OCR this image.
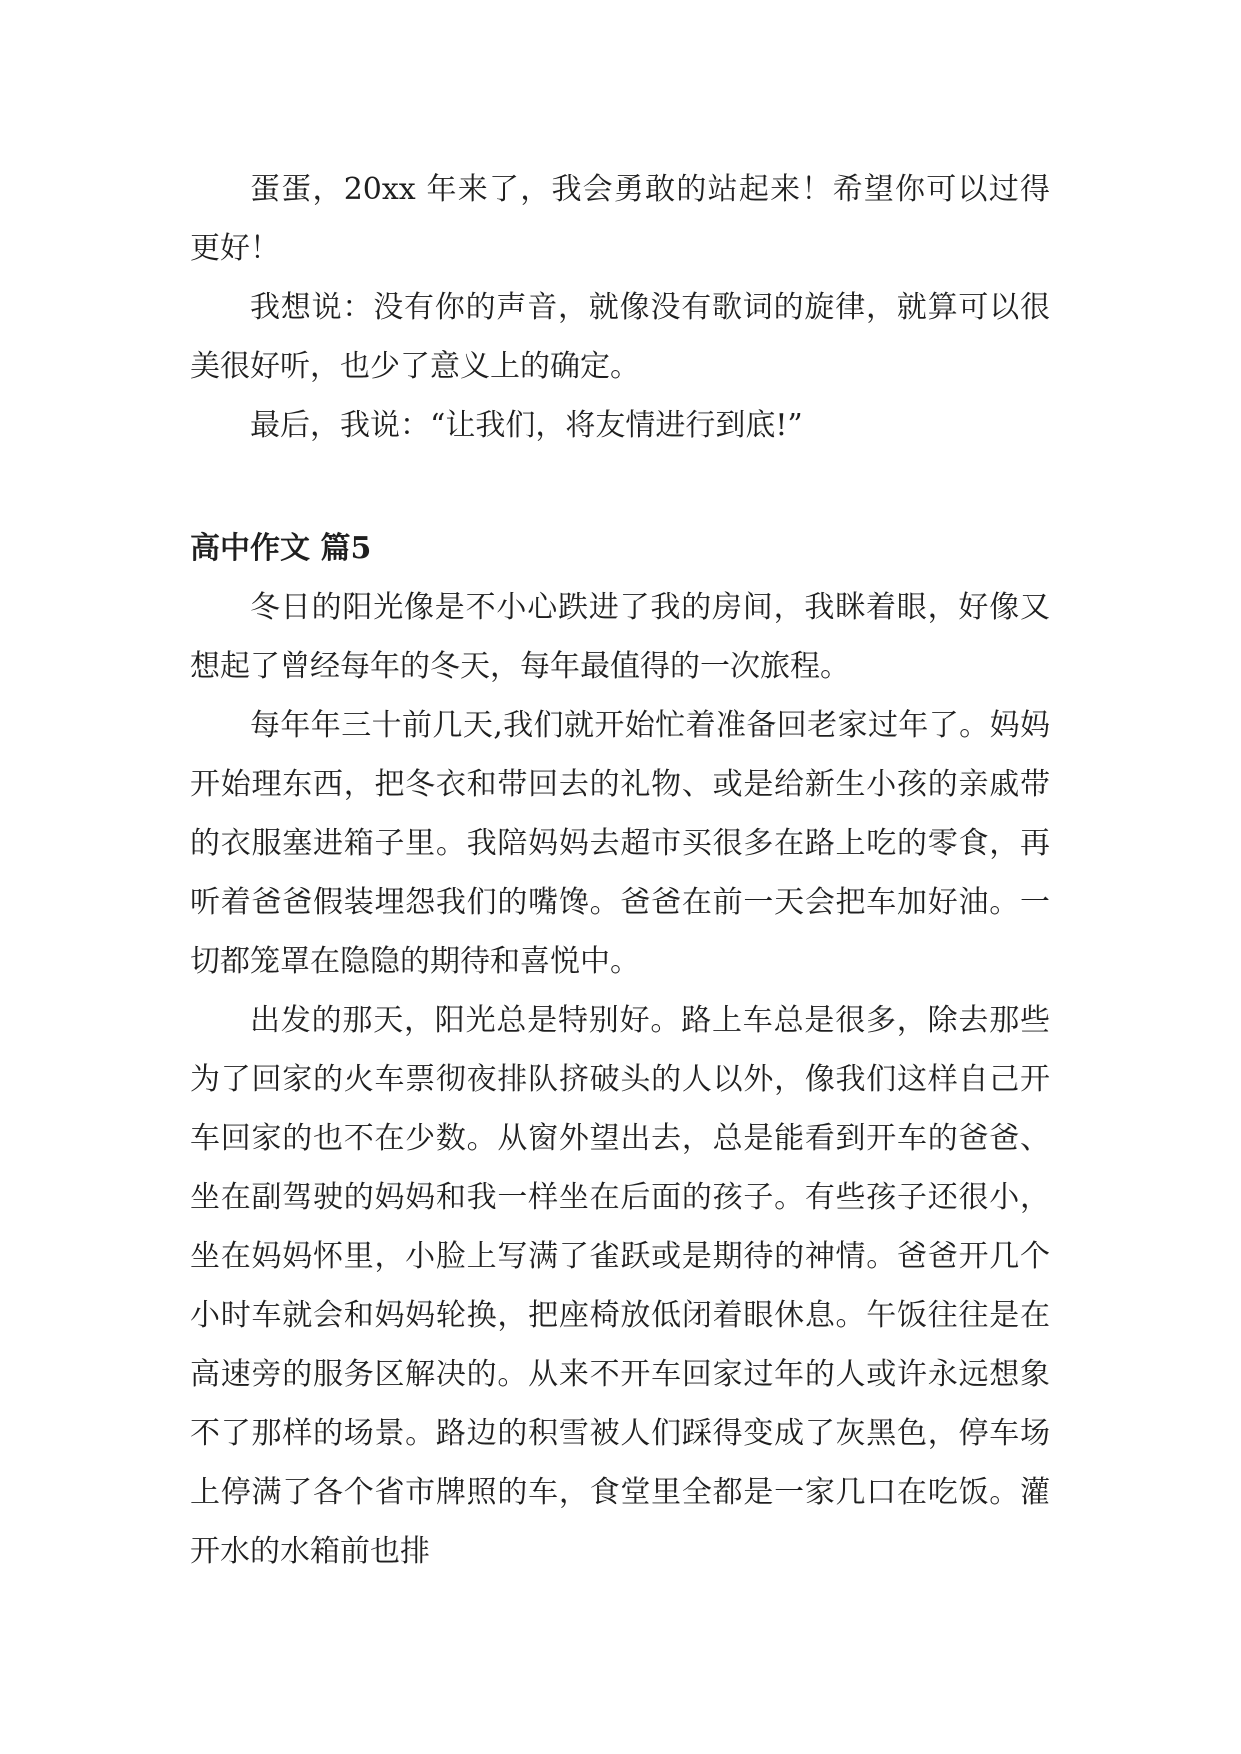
蛋蛋，20xx 年来了，我会勇敢的站起来！希望你可以过得更好！

我想说：没有你的声音，就像没有歌词的旋律，就算可以很美很好听，也少了意义上的确定。

最后，我说：“让我们，将友情进行到底!”

高中作文 篇5

冬日的阳光像是不小心跌进了我的房间，我眯着眼，好像又想起了曾经每年的冬天，每年最值得的一次旅程。

每年年三十前几天,我们就开始忙着准备回老家过年了。妈妈开始理东西，把冬衣和带回去的礼物、或是给新生小孩的亲戚带的衣服塞进箱子里。我陪妈妈去超市买很多在路上吃的零食，再听着爸爸假装埋怨我们的嘴馋。爸爸在前一天会把车加好油。一切都笼罩在隐隐的期待和喜悦中。

出发的那天，阳光总是特别好。路上车总是很多，除去那些为了回家的火车票彻夜排队挤破头的人以外，像我们这样自己开车回家的也不在少数。从窗外望出去，总是能看到开车的爸爸、坐在副驾驶的妈妈和我一样坐在后面的孩子。有些孩子还很小，坐在妈妈怀里，小脸上写满了雀跃或是期待的神情。爸爸开几个小时车就会和妈妈轮换，把座椅放低闭着眼休息。午饭往往是在高速旁的服务区解决的。从来不开车回家过年的人或许永远想象不了那样的场景。路边的积雪被人们踩得变成了灰黑色，停车场上停满了各个省市牌照的车，食堂里全都是一家几口在吃饭。灌开水的水箱前也排
